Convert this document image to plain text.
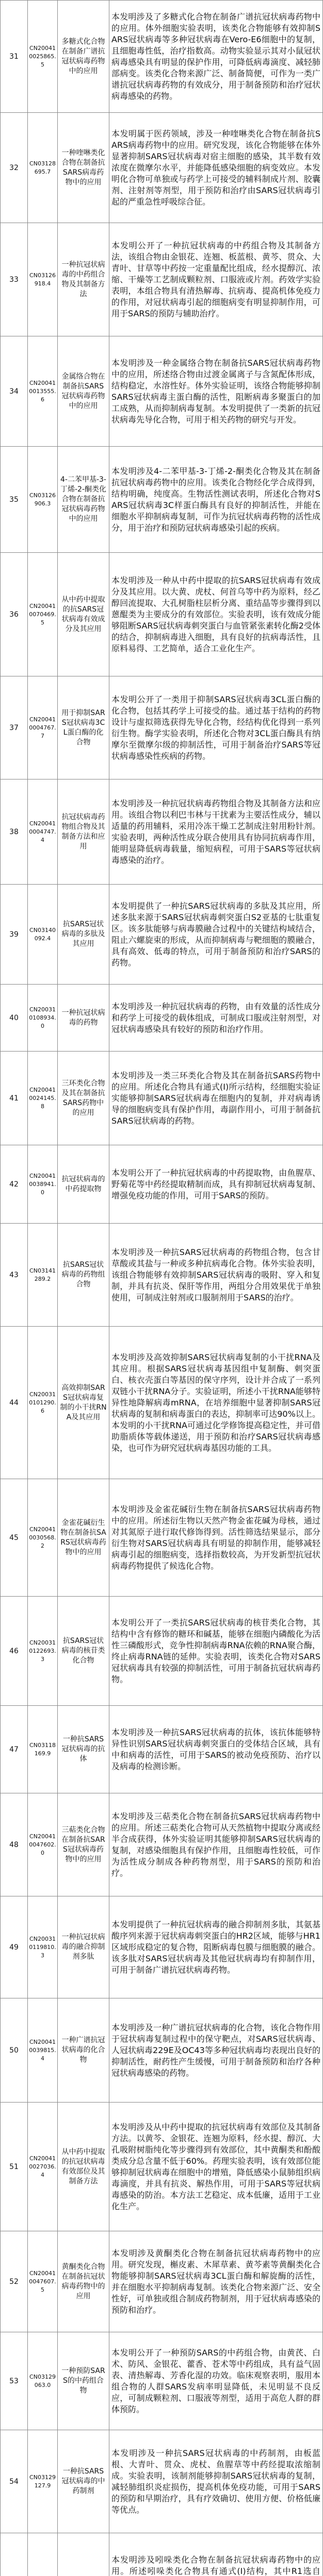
31
CN200410025865.5
多糖式化合物在制备广谱抗冠状病毒药物中的应用
本发明涉及了多糖式化合物在制备广谱抗冠状病毒药物中的应用。体外细胞实验表明，该类化合物能够有效抑制SARS冠状病毒等多种冠状病毒在Vero-E6细胞中的复制，且细胞毒性低，治疗指数高。动物实验显示其对小鼠冠状病毒感染具有明显的保护作用，可降低病毒滴度、减轻肺部病变。该类化合物来源广泛、制备简便，可作为一类广谱抗冠状病毒药物的有效成分，用于制备预防和治疗冠状病毒感染的药物。
32
CN03128695.7
一种喹啉类化合物在制备抗SARS病毒药物中的应用
本发明属于医药领域，涉及一种喹啉类化合物在制备抗SARS病毒药物中的应用。研究发现，该化合物能够在体外显著抑制SARS冠状病毒对宿主细胞的感染，其半数有效浓度在微摩尔水平，并能降低感染细胞的病变效应。本发明化合物可单独或与药学上可接受的辅料制成片剂、胶囊剂、注射剂等剂型，用于预防和治疗由SARS冠状病毒引起的严重急性呼吸综合征。
33
CN03126918.4
一种抗冠状病毒的中药组合物及其制备方法
本发明公开了一种抗冠状病毒的中药组合物及其制备方法，该组合物由金银花、连翘、板蓝根、黄芩、贯众、大青叶、甘草等中药按一定重量配比组成，经水提醇沉、浓缩、干燥等工艺制成颗粒剂、口服液或片剂。药效学实验表明，本组合物具有清热解毒、抗病毒、提高机体免疫力的作用，对冠状病毒引起的细胞病变有明显抑制作用，可用于SARS的预防与辅助治疗。
34
CN200410013555.6
金属络合物在制备抗SARS冠状病毒药物中的应用
本发明涉及一种金属络合物在制备抗SARS冠状病毒药物中的应用，所述络合物由过渡金属离子与含氮配体形成，结构稳定，水溶性好。体外实验证明，该络合物能够抑制SARS冠状病毒主蛋白酶的活性，阻断病毒多聚蛋白的加工成熟，从而抑制病毒复制。本发明提供了一类新的抗冠状病毒先导化合物，可用于相关药物的研究与开发。
35
CN03126906.3
4-二苯甲基-3-丁烯-2-酮类化合物在制备抗冠状病毒药物中的应用
本发明涉及4-二苯甲基-3-丁烯-2-酮类化合物及其在制备抗冠状病毒药物中的应用。该类化合物经化学合成得到，结构明确，纯度高。生物活性测试表明，所述化合物对SARS冠状病毒3C样蛋白酶具有良好的抑制活性，并能在细胞水平抑制病毒复制，可作为抗冠状病毒药物的活性成分，用于治疗和预防冠状病毒感染引起的疾病。
36
CN200410070469.5
从中药中提取的抗SARS冠状病毒有效成分及其应用
本发明涉及一种从中药中提取的抗SARS冠状病毒有效成分及其应用。以大黄、虎杖、何首乌等中药为原料，经乙醇回流提取、大孔树脂柱层析分离、重结晶等步骤得到以蒽醌类为主要成分的有效部位。实验表明，该有效成分能够阻断SARS冠状病毒刺突蛋白与血管紧张素转化酶2受体的结合，抑制病毒进入细胞，具有良好的抗病毒活性，且原料易得、工艺简单，适合工业化生产。
37
CN200410004767.7
用于抑制SARS冠状病毒3CL蛋白酶的化合物
本发明公开了一类用于抑制SARS冠状病毒3CL蛋白酶的化合物，包括其药学上可接受的盐。通过基于结构的药物设计与虚拟筛选获得先导化合物，经结构优化得到一系列衍生物。酶学实验表明，所述化合物对3CL蛋白酶具有纳摩尔至微摩尔级的抑制活性，可用于制备治疗SARS等冠状病毒感染性疾病的药物。
38
CN200410004747.4
抗冠状病毒药物组合物及其制备方法和应用
本发明涉及一种抗冠状病毒药物组合物及其制备方法和应用。该组合物以利巴韦林与干扰素为主要活性成分，辅以适量的药用辅料，采用冷冻干燥工艺制成注射用粉针剂。实验表明，两种活性成分联合使用具有协同抗病毒作用，能明显降低病毒载量，缩短病程，可用于SARS等冠状病毒感染的治疗。
39
CN03140092.4
抗SARS冠状病毒的多肽及其应用
本发明提供了一种抗SARS冠状病毒的多肽及其应用，所述多肽来源于SARS冠状病毒刺突蛋白S2亚基的七肽重复区。该多肽能够与病毒膜融合过程中的关键结构域结合，阻止六螺旋束的形成，从而抑制病毒与靶细胞的膜融合，具有高效、低毒的特点，可用于制备预防和治疗SARS的药物。
40
CN200310108934.0
一种抗冠状病毒的药物
本发明涉及一种抗冠状病毒的药物，由有效量的活性成分和药学上可接受的载体组成，可制成口服或注射剂型，对冠状病毒感染具有较好的预防和治疗作用。
41
CN200410024145.8
三环类化合物及其在制备抗SARS药物中的应用
本发明涉及一类三环类化合物及其在制备抗SARS药物中的应用。所述化合物具有通式(I)所示结构，经细胞实验证实能够抑制SARS冠状病毒在细胞内的复制，并对病毒诱导的细胞病变具有保护作用，毒副作用小，可用于制备抗SARS冠状病毒的药物。
42
CN200410038941.0
抗冠状病毒的中药提取物
本发明公开了一种抗冠状病毒的中药提取物，由鱼腥草、野菊花等中药经提取精制而成，具有抑制冠状病毒复制、增强免疫功能的作用，可用于SARS的预防。
43
CN03141289.2
抗SARS冠状病毒的药物组合物
本发明涉及一种抗SARS冠状病毒的药物组合物，包含甘草酸或其盐与一种或多种抗病毒化合物。体外实验表明，该组合物能够有效抑制SARS冠状病毒的吸附、穿入和复制，并具有抗炎、保肝等作用，两组分合用效果优于单独使用，可制成注射剂或口服制剂用于SARS的治疗。
44
CN200310101290.6
高效抑制SARS冠状病毒复制的小干扰RNA及其应用
本发明涉及高效抑制SARS冠状病毒复制的小干扰RNA及其应用。根据SARS冠状病毒基因组中复制酶、刺突蛋白、核衣壳蛋白等基因的保守序列，设计并合成了一系列双链小干扰RNA分子。实验证明，所述小干扰RNA能够特异性地降解病毒mRNA，在培养细胞中显著抑制SARS冠状病毒的复制和病毒蛋白的表达，抑制率可达90%以上。本发明的小干扰RNA可通过化学修饰提高稳定性，并可借助脂质体等载体递送，用于预防和治疗SARS冠状病毒感染，也可作为研究冠状病毒基因功能的工具。
45
CN200410030568.2
金雀花碱衍生物在制备抗SARS冠状病毒药物中的应用
本发明涉及金雀花碱衍生物在制备抗SARS冠状病毒药物中的应用。所述衍生物以天然产物金雀花碱为母核，通过对其氮原子进行取代修饰得到。活性筛选结果显示，部分衍生物对SARS冠状病毒具有明显的抑制作用，能够减轻病毒引起的细胞病变，选择指数较高，为开发新型抗冠状病毒药物提供了候选化合物。
46
CN200310122693.3
抗SARS冠状病毒的核苷类化合物
本发明公开了一类抗SARS冠状病毒的核苷类化合物，其结构中含有修饰的糖环和碱基，能够在细胞内磷酸化为活性三磷酸形式，竞争性抑制病毒RNA依赖的RNA聚合酶，终止病毒RNA链的延伸。实验表明，该类化合物对SARS冠状病毒具有较强的抑制活性，可用于制备抗冠状病毒药物。
47
CN03118169.9
一种抗SARS冠状病毒的抗体
本发明涉及一种抗SARS冠状病毒的抗体，该抗体能够特异性识别SARS冠状病毒刺突蛋白的受体结合区域，具有中和病毒的活性，可用于SARS的被动免疫预防、治疗以及病毒的检测诊断。
48
CN200410047602.0
三萜类化合物在制备抗SARS冠状病毒药物中的应用
本发明涉及三萜类化合物在制备抗SARS冠状病毒药物中的应用。所述三萜类化合物可从天然植物中提取分离或经半合成获得，体外实验证明其能够抑制SARS冠状病毒的复制，对感染细胞具有保护作用，且细胞毒性较低，可作为活性成分制成各种药物剂型，用于SARS的预防和治疗。
49
CN200310119810.3
一种抗冠状病毒的融合抑制剂多肽
本发明提供了一种抗冠状病毒的融合抑制剂多肽，其氨基酸序列来源于冠状病毒刺突蛋白的HR2区域，能够与HR1区域形成稳定的复合物，阻断病毒包膜与细胞膜的融合。该多肽对SARS冠状病毒及其他冠状病毒均有抑制作用，可用于制备广谱抗冠状病毒药物。
50
CN200410039815.4
一种广谱抗冠状病毒的化合物
本发明涉及一种广谱抗冠状病毒的化合物，该化合物作用于冠状病毒复制过程中的保守靶点，对SARS冠状病毒、人冠状病毒229E及OC43等多种冠状病毒均表现出良好的抑制活性，耐药性产生缓慢，可用于制备预防和治疗各种冠状病毒感染的药物。
51
CN200410027036.4
从中药中提取的抗冠状病毒有效部位及其制备方法
本发明涉及从中药中提取的抗冠状病毒有效部位及其制备方法。以黄芩、金银花、连翘为原料，经水提、醇沉、大孔吸附树脂纯化等步骤得到有效部位，其中黄酮类和酚酸类成分总含量不低于60%。药理实验表明，该有效部位能够抑制冠状病毒在细胞中的增殖，降低感染小鼠肺组织病毒滴度，并具有抗炎、解热作用，可用于SARS等冠状病毒感染的防治。本方法工艺稳定、成本低廉，适用于工业化生产。
52
CN200410047607.5
黄酮类化合物在制备抗冠状病毒药物中的应用
本发明涉及黄酮类化合物在制备抗冠状病毒药物中的应用。研究发现，槲皮素、木犀草素、黄芩素等黄酮类化合物能够抑制SARS冠状病毒3CL蛋白酶和解旋酶的活性，并在细胞水平抑制病毒复制。该类化合物来源广泛、安全性好，可单独或组合制成药物制剂，用于冠状病毒感染的预防和治疗。
53
CN03129063.0
一种预防SARS的中药组合物
本发明公开了一种预防SARS的中药组合物，由黄芪、白术、防风、金银花、藿香、苍术等中药组成，具有益气固表、清热解毒、芳香化湿的功效。临床观察表明，服用本组合物的人群SARS发病率明显降低，未见明显不良反应，可制成颗粒剂、口服液等剂型，适用于高危人群的群体预防。
54
CN03129127.9
一种抗SARS冠状病毒的中药制剂
本发明涉及一种抗SARS冠状病毒的中药制剂，由板蓝根、大青叶、贯众、虎杖、鱼腥草等中药经提取浓缩制成。实验表明，该制剂能够抑制SARS冠状病毒的复制，减轻肺组织炎症损伤，提高机体免疫功能，可用于SARS的预防和早期治疗，具有疗效确切、使用方便、价格低廉等优点。
本发明涉及吲哚类化合物在制备抗冠状病毒药物中的应用。所述吲哚类化合物具有通式(I)结构，其中R1选自
